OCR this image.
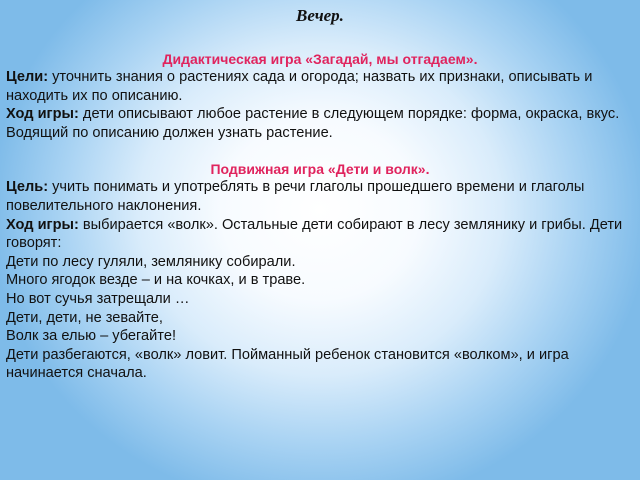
Вечер.
Дидактическая игра «Загадай, мы отгадаем».

Цели: уточнить знания о растениях сада и огорода; назвать их признаки, описывать и находить их по описанию.

Ход игры: дети описывают любое растение в следующем порядке: форма, окраска, вкус. Водящий по описанию должен узнать растение.

Подвижная игра «Дети и волк».

Цель: учить понимать и употреблять в речи глаголы прошедшего времени и глаголы повелительного наклонения.

Ход игры: выбирается «волк». Остальные дети собирают в лесу землянику и грибы. Дети говорят:

Дети по лесу гуляли, землянику собирали.

Много ягодок везде – и на кочках, и в траве.

Но вот сучья затрещали …

Дети, дети, не зевайте,

Волк за елью – убегайте!

Дети разбегаются, «волк» ловит. Пойманный ребенок становится «волком», и игра начинается сначала.
